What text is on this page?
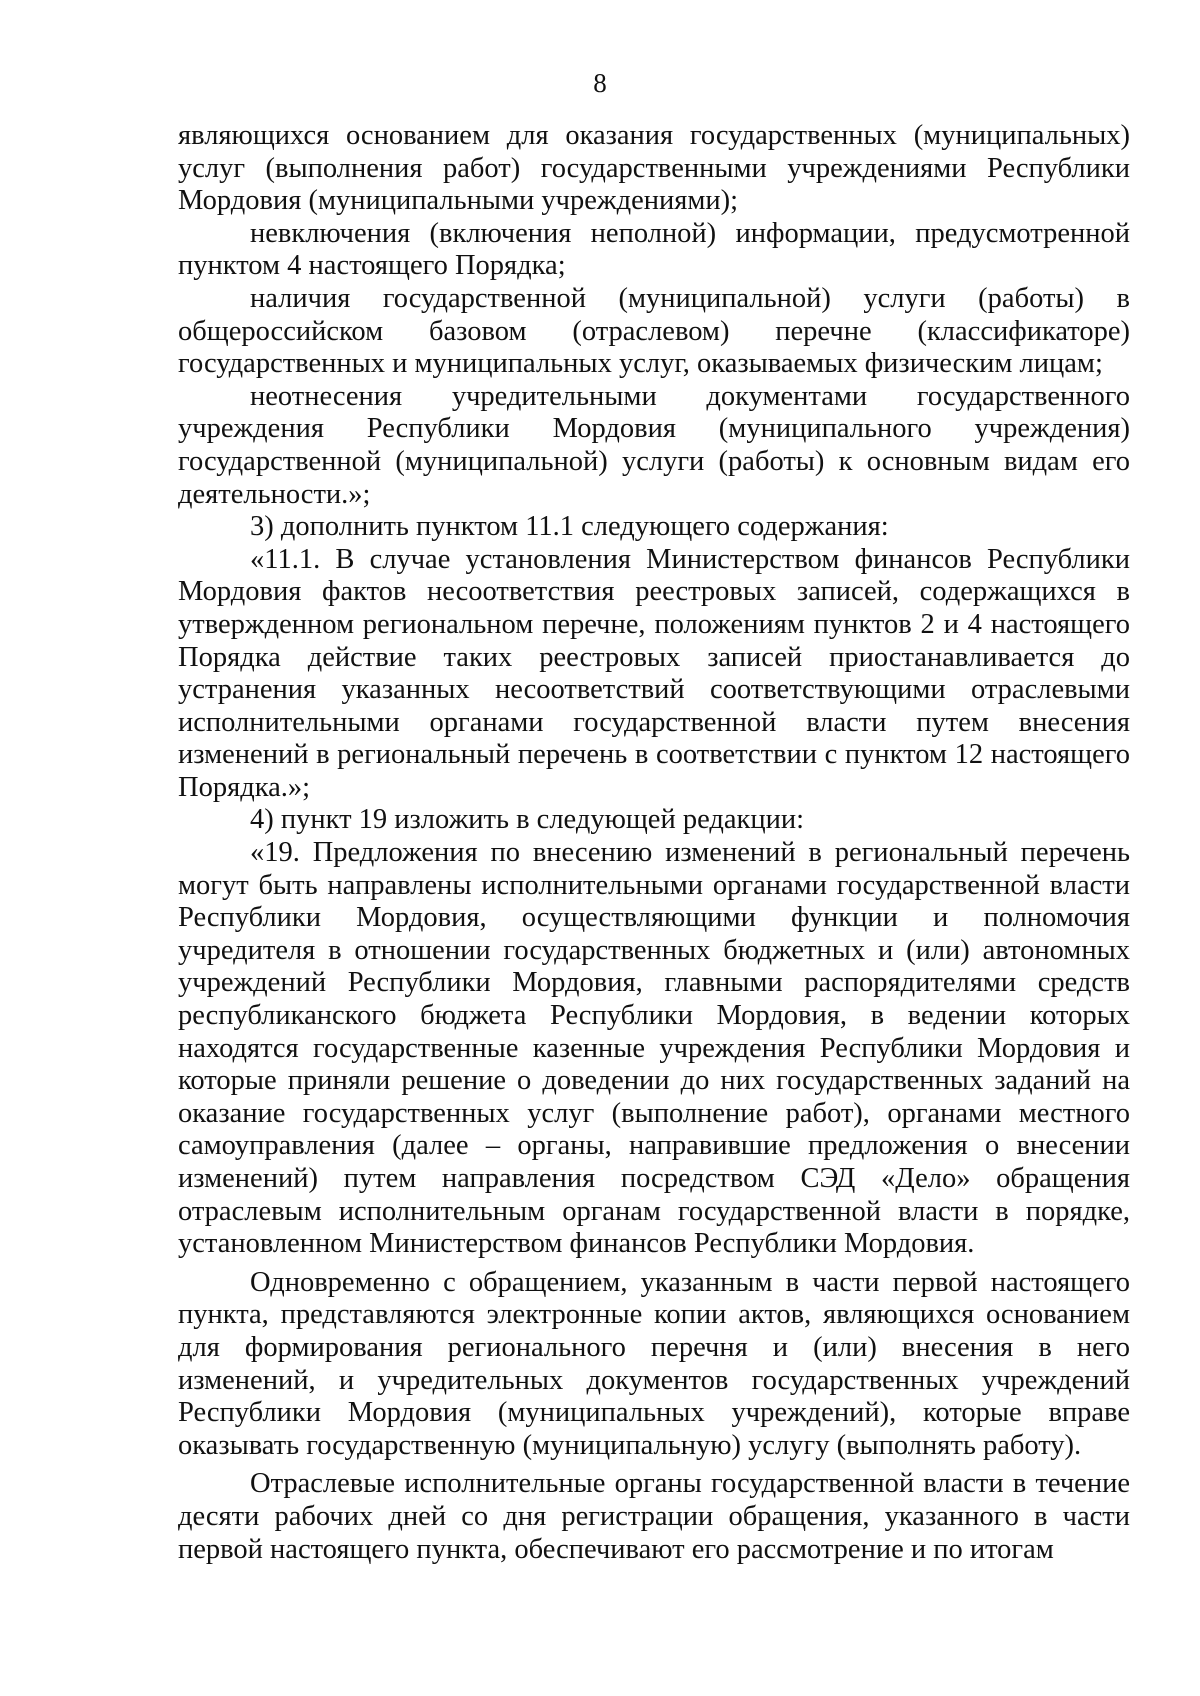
8

являющихся основанием для оказания государственных (муниципальных) услуг (выполнения работ) государственными учреждениями Республики Мордовия (муниципальными учреждениями);

невключения (включения неполной) информации, предусмотренной пунктом 4 настоящего Порядка;

наличия государственной (муниципальной) услуги (работы) в общероссийском базовом (отраслевом) перечне (классификаторе) государственных и муниципальных услуг, оказываемых физическим лицам;

неотнесения учредительными документами государственного учреждения Республики Мордовия (муниципального учреждения) государственной (муниципальной) услуги (работы) к основным видам его деятельности.»;

3) дополнить пунктом 11.1 следующего содержания:

«11.1. В случае установления Министерством финансов Республики Мордовия фактов несоответствия реестровых записей, содержащихся в утвержденном региональном перечне, положениям пунктов 2 и 4 настоящего Порядка действие таких реестровых записей приостанавливается до устранения указанных несоответствий соответствующими отраслевыми исполнительными органами государственной власти путем внесения изменений в региональный перечень в соответствии с пунктом 12 настоящего Порядка.»;

4) пункт 19 изложить в следующей редакции:

«19. Предложения по внесению изменений в региональный перечень могут быть направлены исполнительными органами государственной власти Республики Мордовия, осуществляющими функции и полномочия учредителя в отношении государственных бюджетных и (или) автономных учреждений Республики Мордовия, главными распорядителями средств республиканского бюджета Республики Мордовия, в ведении которых находятся государственные казенные учреждения Республики Мордовия и которые приняли решение о доведении до них государственных заданий на оказание государственных услуг (выполнение работ), органами местного самоуправления (далее – органы, направившие предложения о внесении изменений) путем направления посредством СЭД «Дело» обращения отраслевым исполнительным органам государственной власти в порядке, установленном Министерством финансов Республики Мордовия.

Одновременно с обращением, указанным в части первой настоящего пункта, представляются электронные копии актов, являющихся основанием для формирования регионального перечня и (или) внесения в него изменений, и учредительных документов государственных учреждений Республики Мордовия (муниципальных учреждений), которые вправе оказывать государственную (муниципальную) услугу (выполнять работу).

Отраслевые исполнительные органы государственной власти в течение десяти рабочих дней со дня регистрации обращения, указанного в части первой настоящего пункта, обеспечивают его рассмотрение и по итогам
